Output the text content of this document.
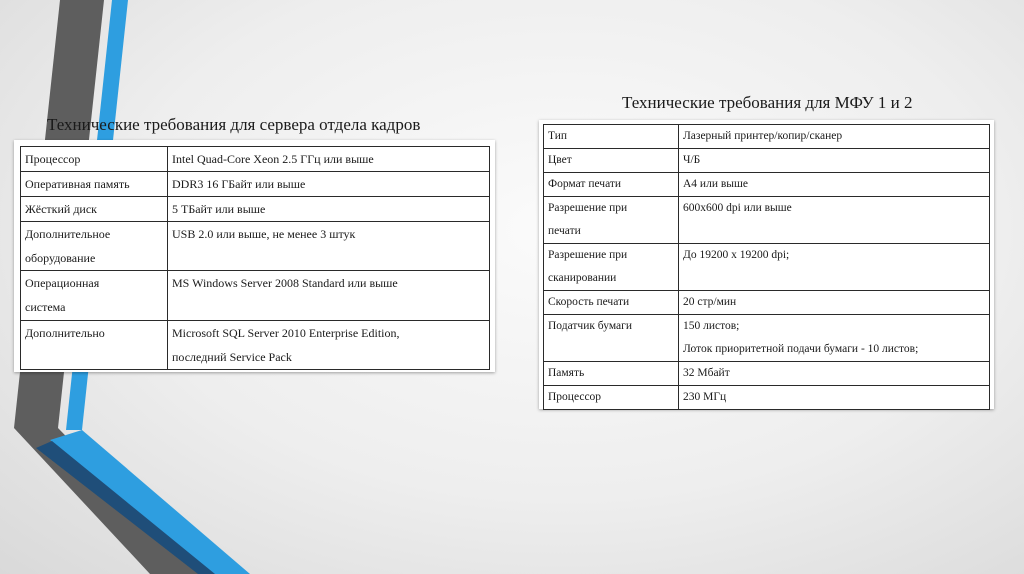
Технические требования для сервера отдела кадров
Технические требования для МФУ 1 и 2
Процессор	Intel Quad-Core Xeon 2.5 ГГц или выше

Оперативная память	DDR3 16 ГБайт или выше

Жёсткий диск	5 ТБайт или выше

Дополнительное
оборудование	USB 2.0 или выше, не менее 3 штук

Операционная
система	MS Windows Server 2008 Standard или выше

Дополнительно	Microsoft SQL Server 2010 Enterprise Edition,
последний Service Pack
Тип	Лазерный принтер/копир/сканер

Цвет	Ч/Б

Формат печати	А4 или выше

Разрешение при
печати	600х600 dpi или выше

Разрешение при
сканировании	До 19200 х 19200 dpi;

Скорость печати	20 стр/мин

Податчик бумаги	150 листов;
Лоток приоритетной подачи бумаги - 10 листов;

Память	32 Мбайт

Процессор	230 МГц
